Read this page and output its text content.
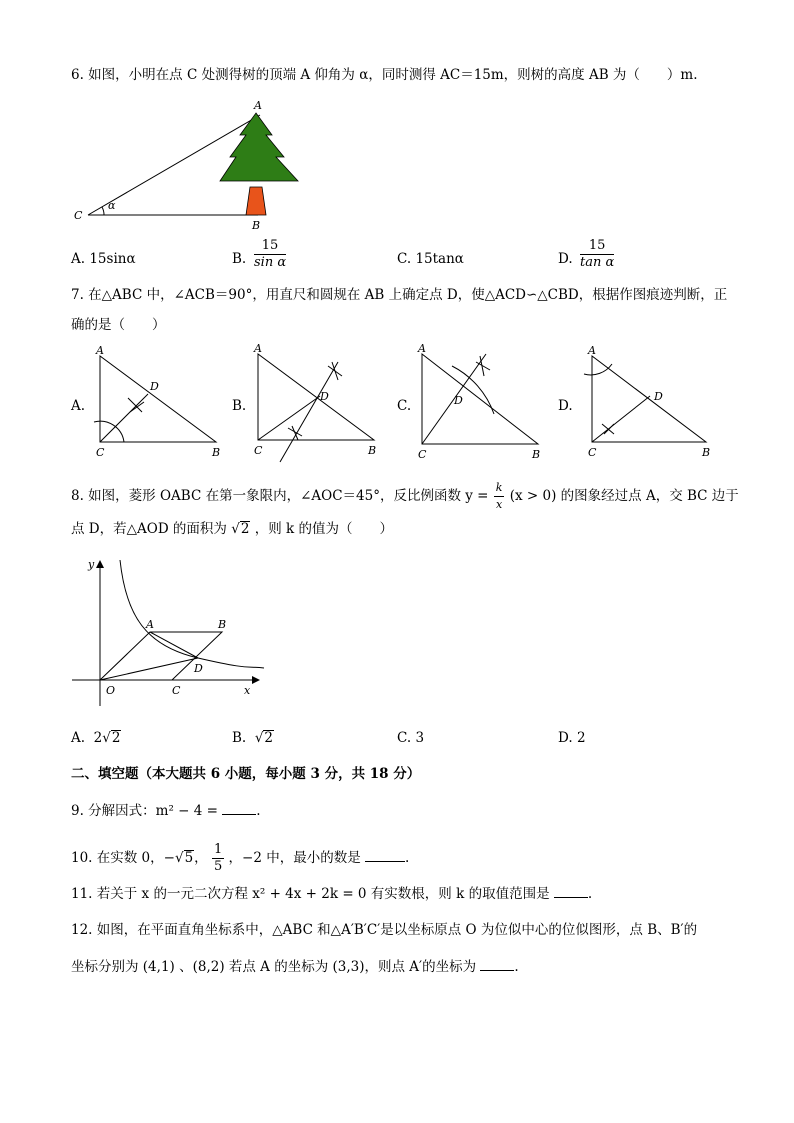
6. 如图，小明在点 C 处测得树的顶端 A 仰角为 α，同时测得 AC＝15m，则树的高度 AB 为（　　）m.
A
B
C
α
A. 15sinα	B. $\frac{15}{\text{sin α}}$	C. 15tanα	D. $\frac{15}{\text{tan α}}$
7. 在△ABC 中，∠ACB＝90°，用直尺和圆规在 AB 上确定点 D，使△ACD∽△CBD，根据作图痕迹判断，正
确的是（　　）
A.
A
D
C	B
B.
A
D
C	B
C.
A
D
C	B
D.
A
D
C	B
8. 如图，菱形 OABC 在第一象限内，∠AOC＝45°，反比例函数 $y = \frac{k}{x} (x > 0)$ 的图象经过点 A，交 BC 边于
点 D，若△AOD 的面积为 √2 ，则 k 的值为（　　）
y
x
O
A	B
C
D
A. 2√2	B. √2	C. 3	D. 2
二、填空题（本大题共 6 小题，每小题 3 分，共 18 分）
9. 分解因式：m² − 4 =	.
10. 在实数 0，−√5， $\frac{1}{5}$ ，−2 中，最小的数是	.
11. 若关于 x 的一元二次方程 x² + 4x + 2k = 0 有实数根，则 k 的取值范围是	.
12. 如图，在平面直角坐标系中，△ABC 和△A′B′C′是以坐标原点 O 为位似中心的位似图形，点 B、B′的
坐标分别为 (4,1) 、(8,2) 若点 A 的坐标为 (3,3)，则点 A′的坐标为	.
